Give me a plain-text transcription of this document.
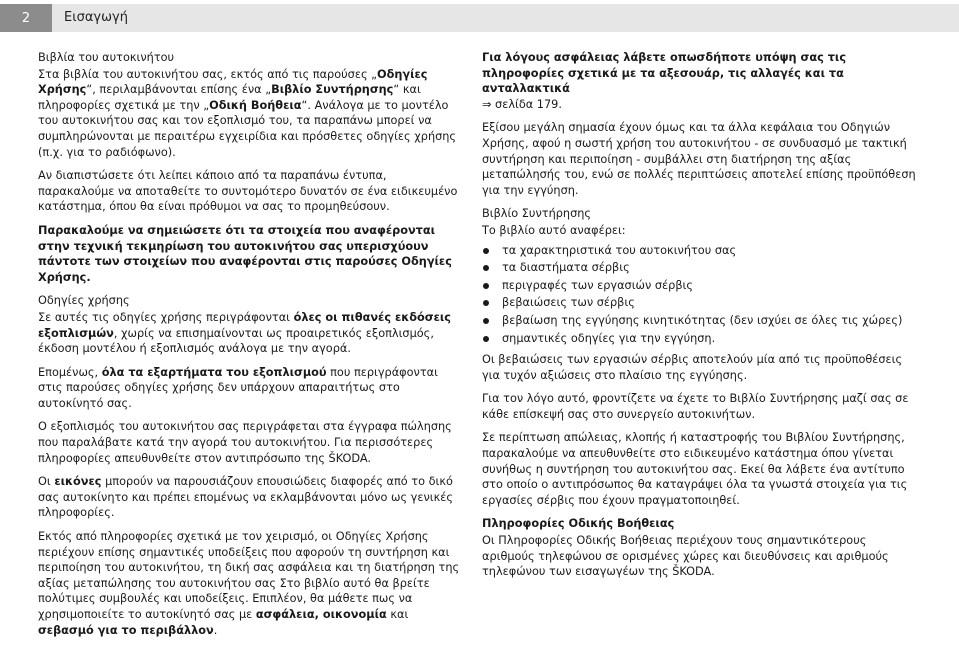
2	Εισαγωγή
Βιβλία του αυτοκινήτου

Στα βιβλία του αυτοκινήτου σας, εκτός από τις παρούσες „Οδηγίες Χρήσης“, περιλαμβάνονται επίσης ένα „Βιβλίο Συντήρησης“ και πληροφορίες σχετικά με την „Οδική Βοήθεια“. Ανάλογα με το μοντέλο του αυτοκινήτου σας και τον εξοπλισμό του, τα παραπάνω μπορεί να συμπληρώνονται με περαιτέρω εγχειρίδια και πρόσθετες οδηγίες χρήσης (π.χ. για το ραδιόφωνο).

Αν διαπιστώσετε ότι λείπει κάποιο από τα παραπάνω έντυπα, παρακαλούμε να αποταθείτε το συντομότερο δυνατόν σε ένα ειδικευμένο κατάστημα, όπου θα είναι πρόθυμοι να σας το προμηθεύσουν.

Παρακαλούμε να σημειώσετε ότι τα στοιχεία που αναφέρονται στην τεχνική τεκμηρίωση του αυτοκινήτου σας υπερισχύουν πάντοτε των στοιχείων που αναφέρονται στις παρούσες Οδηγίες Χρήσης.

Οδηγίες χρήσης

Σε αυτές τις οδηγίες χρήσης περιγράφονται όλες οι πιθανές εκδόσεις εξοπλισμών, χωρίς να επισημαίνονται ως προαιρετικός εξοπλισμός, έκδοση μοντέλου ή εξοπλισμός ανάλογα με την αγορά.

Επομένως, όλα τα εξαρτήματα του εξοπλισμού που περιγράφονται στις παρούσες οδηγίες χρήσης δεν υπάρχουν απαραιτήτως στο αυτοκίνητό σας.

Ο εξοπλισμός του αυτοκινήτου σας περιγράφεται στα έγγραφα πώλησης που παραλάβατε κατά την αγορά του αυτοκινήτου. Για περισσότερες πληροφορίες απευθυνθείτε στον αντιπρόσωπο της ŠKODA.

Οι εικόνες μπορούν να παρουσιάζουν επουσιώδεις διαφορές από το δικό σας αυτοκίνητο και πρέπει επομένως να εκλαμβάνονται μόνο ως γενικές πληροφορίες.

Εκτός από πληροφορίες σχετικά με τον χειρισμό, οι Οδηγίες Χρήσης περιέχουν επίσης σημαντικές υποδείξεις που αφορούν τη συντήρηση και περιποίηση του αυτοκινήτου, τη δική σας ασφάλεια και τη διατήρηση της αξίας μεταπώλησης του αυτοκινήτου σας Στο βιβλίο αυτό θα βρείτε πολύτιμες συμβουλές και υποδείξεις. Επιπλέον, θα μάθετε πως να χρησιμοποιείτε το αυτοκίνητό σας με ασφάλεια, οικονομία και σεβασμό για το περιβάλλον.

Για λόγους ασφάλειας λάβετε οπωσδήποτε υπόψη σας τις πληροφορίες σχετικά με τα αξεσουάρ, τις αλλαγές και τα ανταλλακτικά
⇒ σελίδα 179.

Εξίσου μεγάλη σημασία έχουν όμως και τα άλλα κεφάλαια του Οδηγιών Χρήσης, αφού η σωστή χρήση του αυτοκινήτου - σε συνδυασμό με τακτική συντήρηση και περιποίηση - συμβάλλει στη διατήρηση της αξίας μεταπώλησής του, ενώ σε πολλές περιπτώσεις αποτελεί επίσης προϋπόθεση για την εγγύηση.

Βιβλίο Συντήρησης

Το βιβλίο αυτό αναφέρει:

τα χαρακτηριστικά του αυτοκινήτου σας
τα διαστήματα σέρβις
περιγραφές των εργασιών σέρβις
βεβαιώσεις των σέρβις
βεβαίωση της εγγύησης κινητικότητας (δεν ισχύει σε όλες τις χώρες)
σημαντικές οδηγίες για την εγγύηση.

Οι βεβαιώσεις των εργασιών σέρβις αποτελούν μία από τις προϋποθέσεις για τυχόν αξιώσεις στο πλαίσιο της εγγύησης.

Για τον λόγο αυτό, φροντίζετε να έχετε το Βιβλίο Συντήρησης μαζί σας σε κάθε επίσκεψή σας στο συνεργείο αυτοκινήτων.

Σε περίπτωση απώλειας, κλοπής ή καταστροφής του Βιβλίου Συντήρησης, παρακαλούμε να απευθυνθείτε στο ειδικευμένο κατάστημα όπου γίνεται συνήθως η συντήρηση του αυτοκινήτου σας. Εκεί θα λάβετε ένα αντίτυπο στο οποίο ο αντιπρόσωπος θα καταγράψει όλα τα γνωστά στοιχεία για τις εργασίες σέρβις που έχουν πραγματοποιηθεί.

Πληροφορίες Οδικής Βοήθειας

Οι Πληροφορίες Οδικής Βοήθειας περιέχουν τους σημαντικότερους αριθμούς τηλεφώνου σε ορισμένες χώρες και διευθύνσεις και αριθμούς τηλεφώνου των εισαγωγέων της ŠKODA.
